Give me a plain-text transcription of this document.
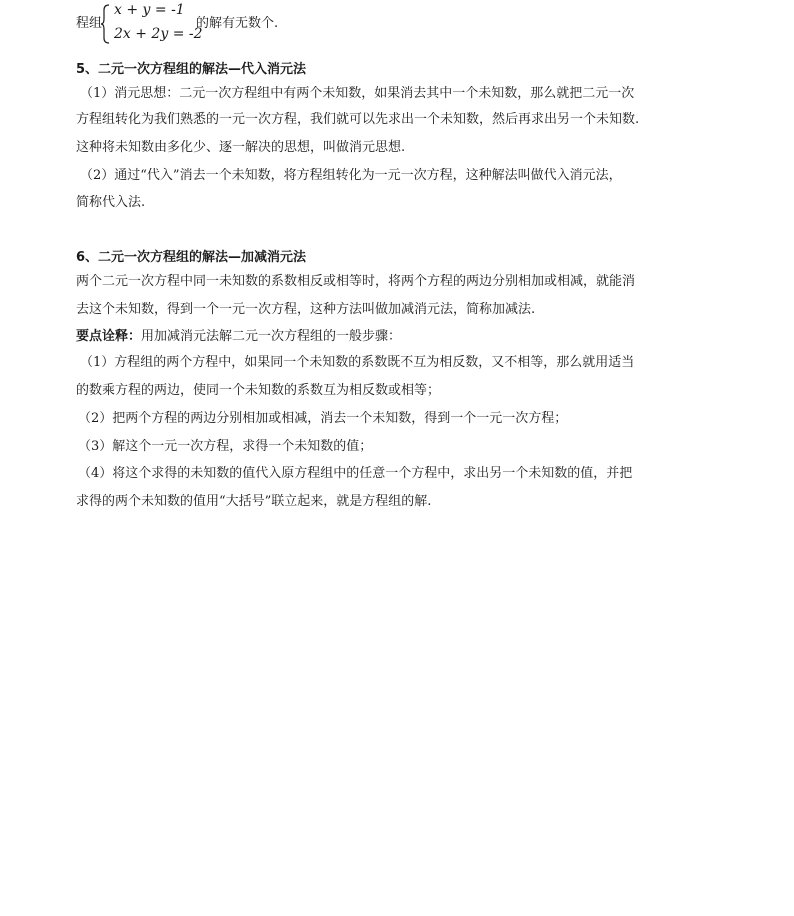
程组
x + y = -1
2x + 2y = -2
的解有无数个.
5、二元一次方程组的解法—代入消元法
（1）消元思想：二元一次方程组中有两个未知数，如果消去其中一个未知数，那么就把二元一次
方程组转化为我们熟悉的一元一次方程，我们就可以先求出一个未知数，然后再求出另一个未知数.
这种将未知数由多化少、逐一解决的思想，叫做消元思想.
（2）通过“代入”消去一个未知数，将方程组转化为一元一次方程，这种解法叫做代入消元法，
简称代入法.
6、二元一次方程组的解法—加减消元法
两个二元一次方程中同一未知数的系数相反或相等时，将两个方程的两边分别相加或相减，就能消
去这个未知数，得到一个一元一次方程，这种方法叫做加减消元法，简称加减法.
要点诠释：用加减消元法解二元一次方程组的一般步骤：
（1）方程组的两个方程中，如果同一个未知数的系数既不互为相反数，又不相等，那么就用适当
的数乘方程的两边，使同一个未知数的系数互为相反数或相等；
（2）把两个方程的两边分别相加或相减，消去一个未知数，得到一个一元一次方程；
（3）解这个一元一次方程，求得一个未知数的值；
（4）将这个求得的未知数的值代入原方程组中的任意一个方程中，求出另一个未知数的值，并把
求得的两个未知数的值用“大括号”联立起来，就是方程组的解.
